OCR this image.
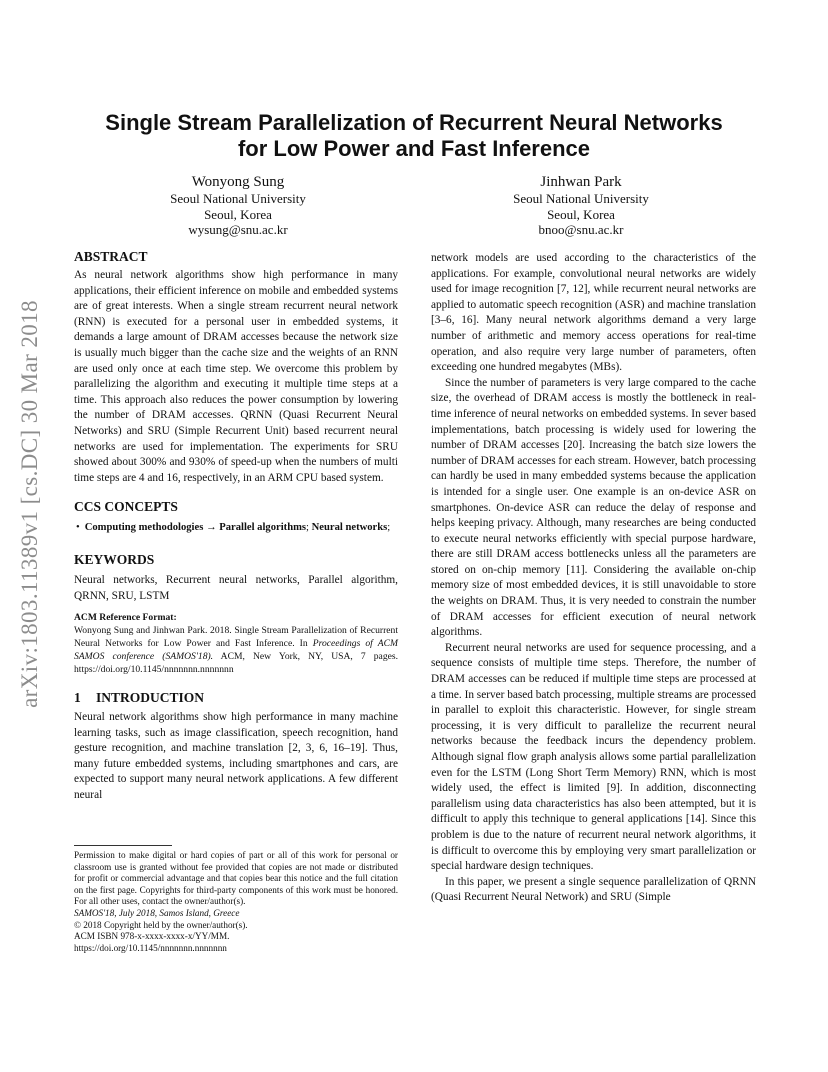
arXiv:1803.11389v1 [cs.DC] 30 Mar 2018
Single Stream Parallelization of Recurrent Neural Networks
for Low Power and Fast Inference
Wonyong Sung
Seoul National University
Seoul, Korea
wysung@snu.ac.kr
Jinhwan Park
Seoul National University
Seoul, Korea
bnoo@snu.ac.kr
ABSTRACT

As neural network algorithms show high performance in many applications, their efficient inference on mobile and embedded systems are of great interests. When a single stream recurrent neural network (RNN) is executed for a personal user in embedded systems, it demands a large amount of DRAM accesses because the network size is usually much bigger than the cache size and the weights of an RNN are used only once at each time step. We overcome this problem by parallelizing the algorithm and executing it multiple time steps at a time. This approach also reduces the power consumption by lowering the number of DRAM accesses. QRNN (Quasi Recurrent Neural Networks) and SRU (Simple Recurrent Unit) based recurrent neural networks are used for implementation. The experiments for SRU showed about 300% and 930% of speed-up when the numbers of multi time steps are 4 and 16, respectively, in an ARM CPU based system.

CCS CONCEPTS

• Computing methodologies → Parallel algorithms; Neural networks;

KEYWORDS

Neural networks, Recurrent neural networks, Parallel algorithm, QRNN, SRU, LSTM

ACM Reference Format:

Wonyong Sung and Jinhwan Park. 2018. Single Stream Parallelization of Recurrent Neural Networks for Low Power and Fast Inference. In Proceedings of ACM SAMOS conference (SAMOS'18). ACM, New York, NY, USA, 7 pages. https://doi.org/10.1145/nnnnnnn.nnnnnnn

1 INTRODUCTION

Neural network algorithms show high performance in many machine learning tasks, such as image classification, speech recognition, hand gesture recognition, and machine translation [2, 3, 6, 16–19]. Thus, many future embedded systems, including smartphones and cars, are expected to support many neural network applications. A few different neural

Permission to make digital or hard copies of part or all of this work for personal or classroom use is granted without fee provided that copies are not made or distributed for profit or commercial advantage and that copies bear this notice and the full citation on the first page. Copyrights for third-party components of this work must be honored. For all other uses, contact the owner/author(s).

SAMOS'18, July 2018, Samos Island, Greece

© 2018 Copyright held by the owner/author(s).

ACM ISBN 978-x-xxxx-xxxx-x/YY/MM.

https://doi.org/10.1145/nnnnnnn.nnnnnnn

network models are used according to the characteristics of the applications. For example, convolutional neural networks are widely used for image recognition [7, 12], while recurrent neural networks are applied to automatic speech recognition (ASR) and machine translation [3–6, 16]. Many neural network algorithms demand a very large number of arithmetic and memory access operations for real-time operation, and also require very large number of parameters, often exceeding one hundred megabytes (MBs).

Since the number of parameters is very large compared to the cache size, the overhead of DRAM access is mostly the bottleneck in real-time inference of neural networks on embedded systems. In sever based implementations, batch processing is widely used for lowering the number of DRAM accesses [20]. Increasing the batch size lowers the number of DRAM accesses for each stream. However, batch processing can hardly be used in many embedded systems because the application is intended for a single user. One example is an on-device ASR on smartphones. On-device ASR can reduce the delay of response and helps keeping privacy. Although, many researches are being conducted to execute neural networks efficiently with special purpose hardware, there are still DRAM access bottlenecks unless all the parameters are stored on on-chip memory [11]. Considering the available on-chip memory size of most embedded devices, it is still unavoidable to store the weights on DRAM. Thus, it is very needed to constrain the number of DRAM accesses for efficient execution of neural network algorithms.

Recurrent neural networks are used for sequence processing, and a sequence consists of multiple time steps. Therefore, the number of DRAM accesses can be reduced if multiple time steps are processed at a time. In server based batch processing, multiple streams are processed in parallel to exploit this characteristic. However, for single stream processing, it is very difficult to parallelize the recurrent neural networks because the feedback incurs the dependency problem. Although signal flow graph analysis allows some partial parallelization even for the LSTM (Long Short Term Memory) RNN, which is most widely used, the effect is limited [9]. In addition, disconnecting parallelism using data characteristics has also been attempted, but it is difficult to apply this technique to general applications [14]. Since this problem is due to the nature of recurrent neural network algorithms, it is difficult to overcome this by employing very smart parallelization or special hardware design techniques.

In this paper, we present a single sequence parallelization of QRNN (Quasi Recurrent Neural Network) and SRU (Simple
